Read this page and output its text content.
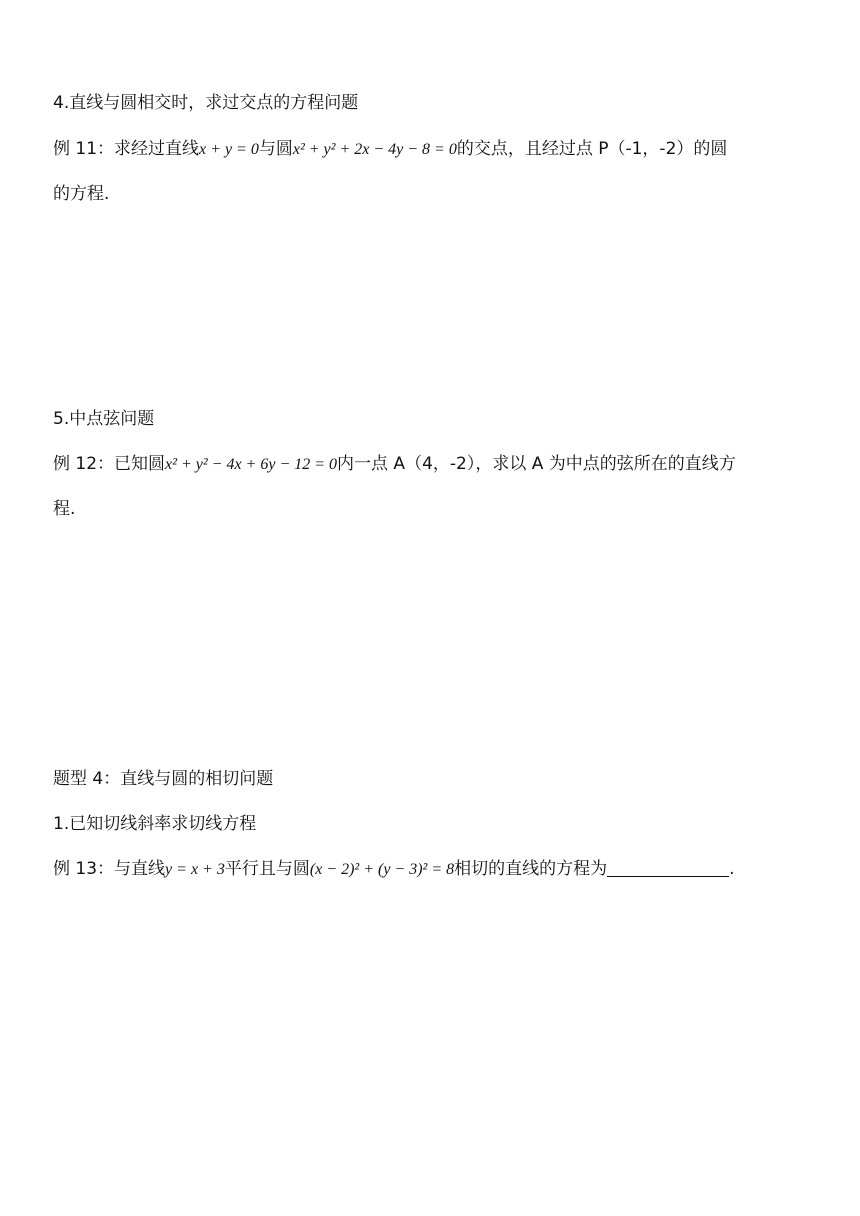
4.直线与圆相交时，求过交点的方程问题
例 11：求经过直线x + y = 0与圆x² + y² + 2x − 4y − 8 = 0的交点，且经过点 P（-1，-2）的圆
的方程.
5.中点弦问题
例 12：已知圆x² + y² − 4x + 6y − 12 = 0内一点 A（4，-2），求以 A 为中点的弦所在的直线方
程.
题型 4：直线与圆的相切问题
1.已知切线斜率求切线方程
例 13：与直线y = x + 3平行且与圆(x − 2)² + (y − 3)² = 8相切的直线的方程为	.
